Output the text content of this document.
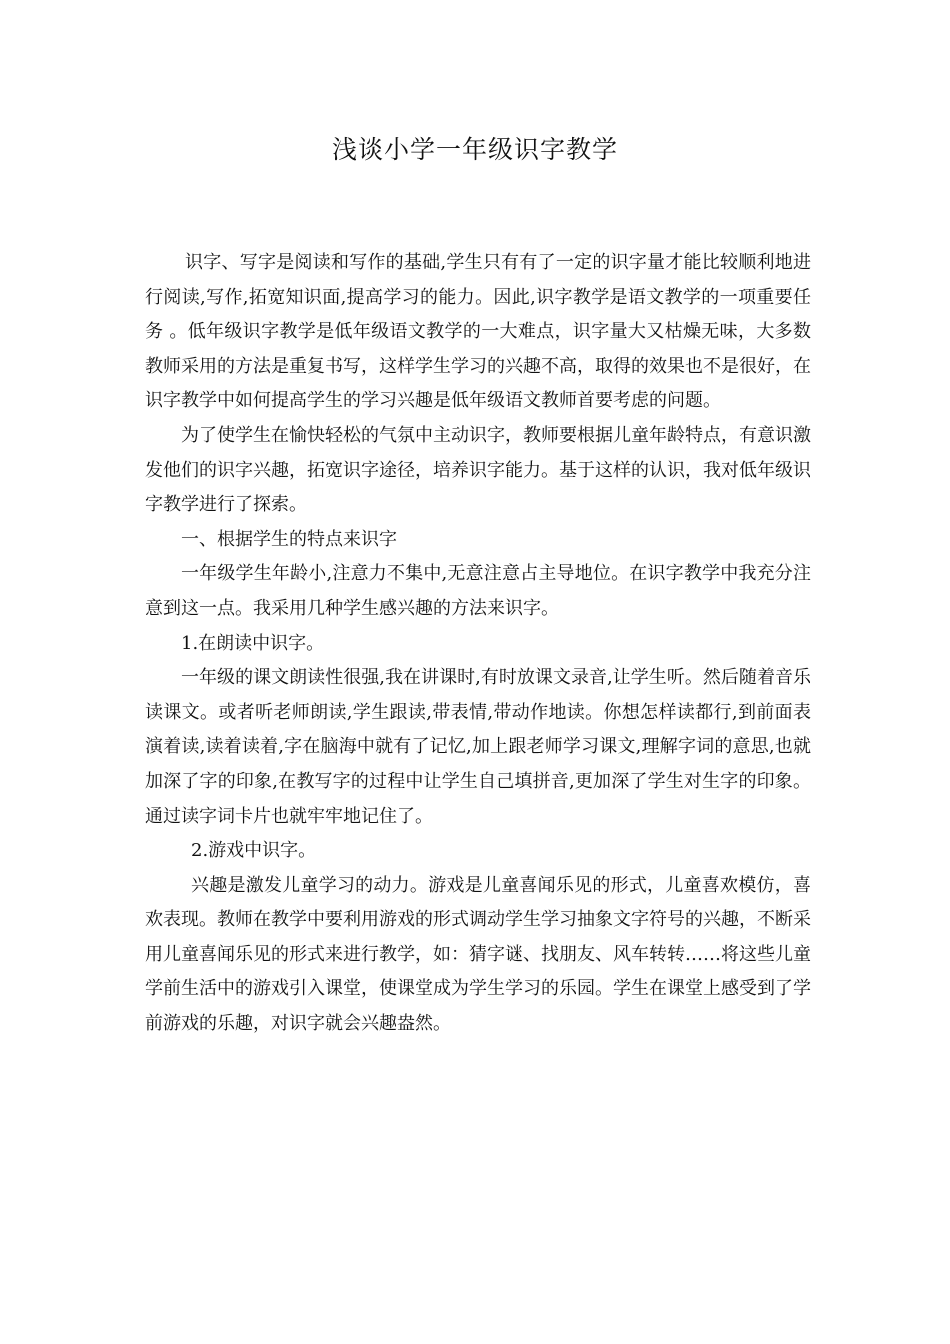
浅谈小学一年级识字教学

识字、写字是阅读和写作的基础,学生只有有了一定的识字量才能比较顺利地进行阅读,写作,拓宽知识面,提高学习的能力。因此,识字教学是语文教学的一项重要任务 。低年级识字教学是低年级语文教学的一大难点，识字量大又枯燥无味，大多数教师采用的方法是重复书写，这样学生学习的兴趣不高，取得的效果也不是很好，在识字教学中如何提高学生的学习兴趣是低年级语文教师首要考虑的问题。

为了使学生在愉快轻松的气氛中主动识字，教师要根据儿童年龄特点，有意识激发他们的识字兴趣，拓宽识字途径，培养识字能力。基于这样的认识，我对低年级识字教学进行了探索。

一、根据学生的特点来识字

一年级学生年龄小,注意力不集中,无意注意占主导地位。在识字教学中我充分注意到这一点。我采用几种学生感兴趣的方法来识字。

1.在朗读中识字。

一年级的课文朗读性很强,我在讲课时,有时放课文录音,让学生听。然后随着音乐读课文。或者听老师朗读,学生跟读,带表情,带动作地读。你想怎样读都行,到前面表演着读,读着读着,字在脑海中就有了记忆,加上跟老师学习课文,理解字词的意思,也就加深了字的印象,在教写字的过程中让学生自己填拼音,更加深了学生对生字的印象。通过读字词卡片也就牢牢地记住了。

2.游戏中识字。

兴趣是激发儿童学习的动力。游戏是儿童喜闻乐见的形式，儿童喜欢模仿，喜欢表现。教师在教学中要利用游戏的形式调动学生学习抽象文字符号的兴趣，不断采用儿童喜闻乐见的形式来进行教学，如：猜字谜、找朋友、风车转转……将这些儿童学前生活中的游戏引入课堂，使课堂成为学生学习的乐园。学生在课堂上感受到了学前游戏的乐趣，对识字就会兴趣盎然。
